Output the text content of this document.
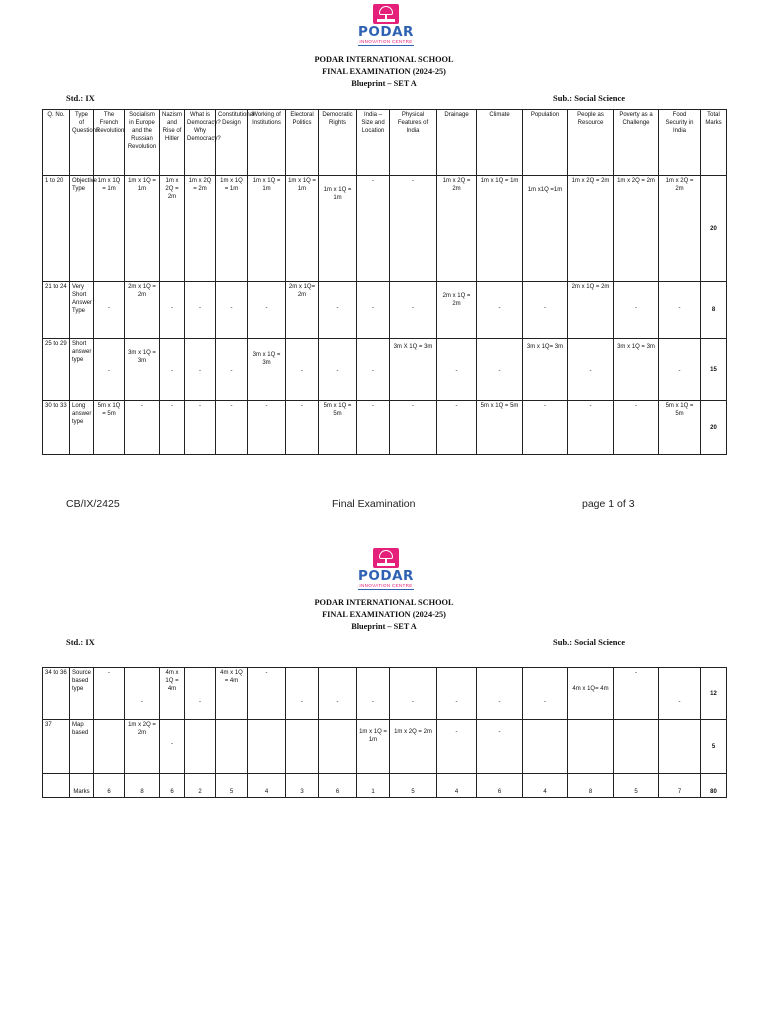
PODAR
INNOVATION CENTRE
PODAR INTERNATIONAL SCHOOL
FINAL EXAMINATION (2024-25)
Blueprint – SET A
Std.: IX	Sub.: Social Science
Q. No.	Type of Questions	The French Revolution	Socialism in Europe and the Russian Revolution	Nazism and Rise of Hitler	What is Democracy? Why Democracy?	Constitutional Design	Working of Institutions	Electoral Politics	Democratic Rights	India – Size and Location	Physical Features of India	Drainage	Climate	Population	People as Resource	Poverty as a Challenge	Food Security in India	Total Marks
1 to 20	Objective Type	1m x 1Q = 1m	1m x 1Q = 1m	1m x 2Q = 2m	1m x 2Q = 2m	1m x 1Q = 1m	1m x 1Q = 1m	1m x 1Q = 1m	1m x 1Q = 1m	-	-	1m x 2Q = 2m	1m x 1Q = 1m	1m x1Q =1m	1m x 2Q = 2m	1m x 2Q = 2m	1m x 2Q = 2m	20
21 to 24	Very Short Answer Type	-	2m x 1Q = 2m	-	-	-	-	2m x 1Q= 2m	-	-	-	2m x 1Q = 2m	-	-	2m x 1Q = 2m	-	-	8
25 to 29	Short answer type	-	3m x 1Q = 3m	-	-	-	3m x 1Q = 3m	-	-	-	3m X 1Q = 3m	-	-	3m x 1Q= 3m	-	3m x 1Q = 3m	-	15
30 to 33	Long answer type	5m x 1Q = 5m	-	-	-	-	-	-	5m x 1Q = 5m	-	-	-	5m x 1Q = 5m	-	-	-	5m x 1Q = 5m	20
CB/IX/2425	Final Examination	page 1 of 3
PODAR
INNOVATION CENTRE
PODAR INTERNATIONAL SCHOOL
FINAL EXAMINATION (2024-25)
Blueprint – SET A
Std.: IX	Sub.: Social Science
34 to 36	Source based type	-	-	4m x 1Q = 4m	-	4m x 1Q = 4m	-	-	-	-	-	-	-	-	4m x 1Q= 4m	-	-	12
37	Map based		1m x 2Q = 2m	-						1m x 1Q = 1m	1m x 2Q = 2m	-	-					5
	Marks	6	8	6	2	5	4	3	6	1	5	4	6	4	8	5	7	80
